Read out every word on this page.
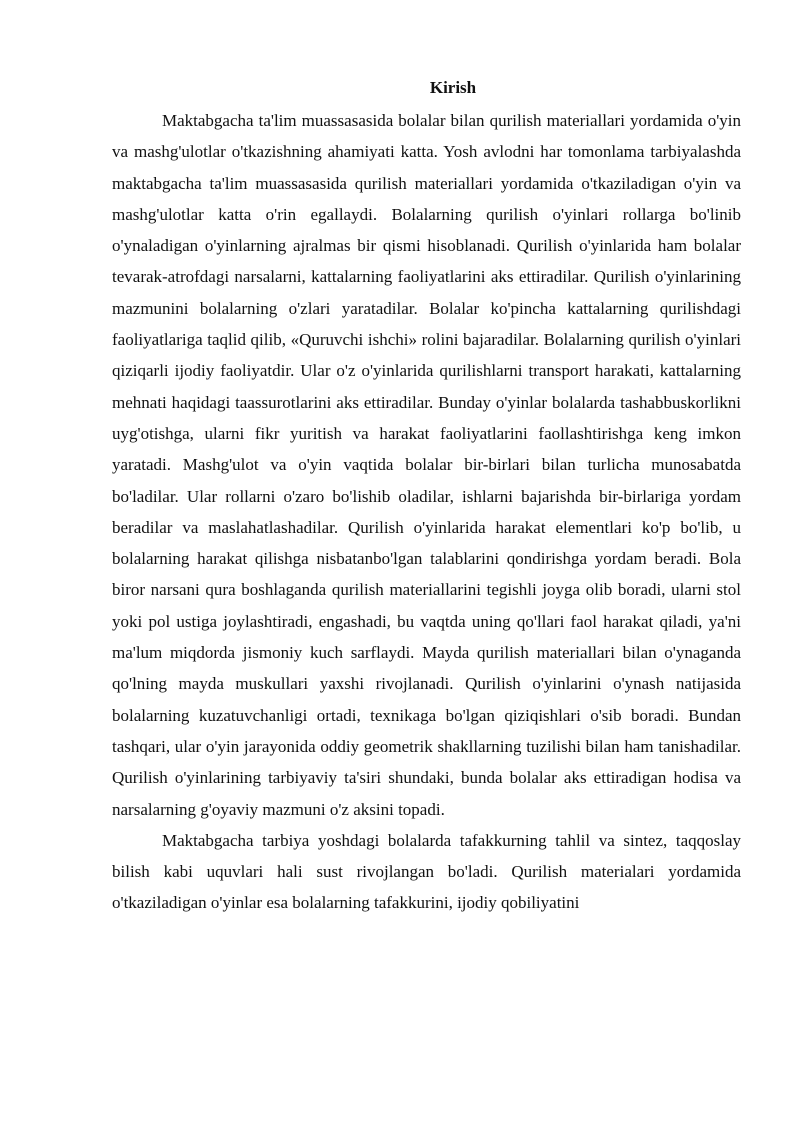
Kirish

Maktabgacha ta'lim muassasasida bolalar bilan qurilish materiallari yordamida o'yin va mashg'ulotlar o'tkazishning ahamiyati katta. Yosh avlodni har tomonlama tarbiyalashda maktabgacha ta'lim muassasasida qurilish materiallari yordamida o'tkaziladigan o'yin va mashg'ulotlar katta o'rin egallaydi. Bolalarning qurilish o'yinlari rollarga bo'linib o'ynaladigan o'yinlarning ajralmas bir qismi hisoblanadi. Qurilish o'yinlarida ham bolalar tevarak-atrofdagi narsalarni, kattalarning faoliyatlarini aks ettiradilar. Qurilish o'yinlarining mazmunini bolalarning o'zlari yaratadilar. Bolalar ko'pincha kattalarning qurilishdagi faoliyatlariga taqlid qilib, «Quruvchi ishchi» rolini bajaradilar. Bolalarning qurilish o'yinlari qiziqarli ijodiy faoliyatdir. Ular o'z o'yinlarida qurilishlarni transport harakati, kattalarning mehnati haqidagi taassurotlarini aks ettiradilar. Bunday o'yinlar bolalarda tashabbuskorlikni uyg'otishga, ularni fikr yuritish va harakat faoliyatlarini faollashtirishga keng imkon yaratadi. Mashg'ulot va o'yin vaqtida bolalar bir-birlari bilan turlicha munosabatda bo'ladilar. Ular rollarni o'zaro bo'lishib oladilar, ishlarni bajarishda bir-birlariga yordam beradilar va maslahatlashadilar. Qurilish o'yinlarida harakat elementlari ko'p bo'lib, u bolalarning harakat qilishga nisbatanbo'lgan talablarini qondirishga yordam beradi. Bola biror narsani qura boshlaganda qurilish materiallarini tegishli joyga olib boradi, ularni stol yoki pol ustiga joylashtiradi, engashadi, bu vaqtda uning qo'llari faol harakat qiladi, ya'ni ma'lum miqdorda jismoniy kuch sarflaydi. Mayda qurilish materiallari bilan o'ynaganda qo'lning mayda muskullari yaxshi rivojlanadi. Qurilish o'yinlarini o'ynash natijasida bolalarning kuzatuvchanligi ortadi, texnikaga bo'lgan qiziqishlari o'sib boradi. Bundan tashqari, ular o'yin jarayonida oddiy geometrik shakllarning tuzilishi bilan ham tanishadilar. Qurilish o'yinlarining tarbiyaviy ta'siri shundaki, bunda bolalar aks ettiradigan hodisa va narsalarning g'oyaviy mazmuni o'z aksini topadi.

Maktabgacha tarbiya yoshdagi bolalarda tafakkurning tahlil va sintez, taqqoslay bilish kabi uquvlari hali sust rivojlangan bo'ladi. Qurilish materialari yordamida o'tkaziladigan o'yinlar esa bolalarning tafakkurini, ijodiy qobiliyatini
